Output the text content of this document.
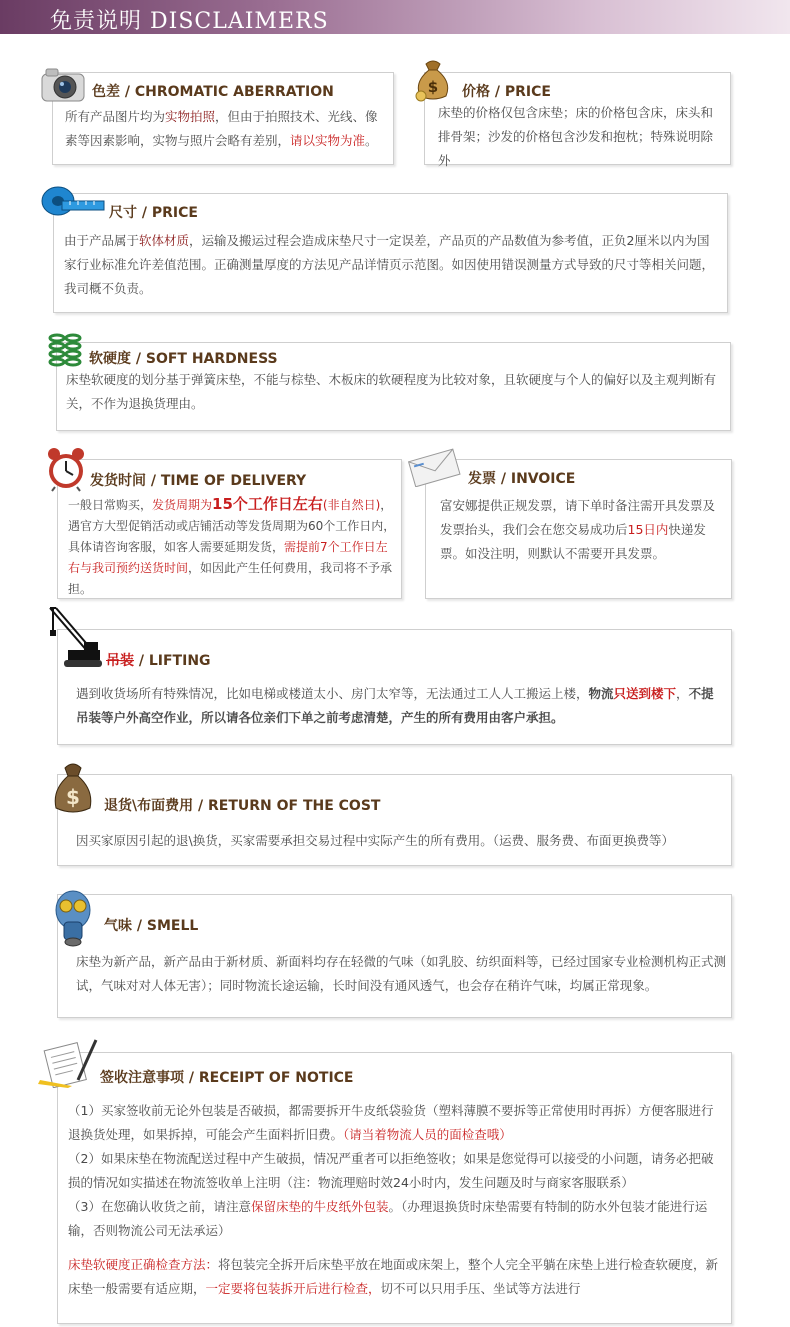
免责说明 DISCLAIMERS
色差 / CHROMATIC ABERRATION
所有产品图片均为实物拍照，但由于拍照技术、光线、像素等因素影响，实物与照片会略有差别，请以实物为准。
$ 价格 / PRICE
床垫的价格仅包含床垫；床的价格包含床，床头和排骨架；沙发的价格包含沙发和抱枕；特殊说明除外
尺寸 / PRICE
由于产品属于软体材质，运输及搬运过程会造成床垫尺寸一定误差，产品页的产品数值为参考值，正负2厘米以内为国家行业标准允许差值范围。正确测量厚度的方法见产品详情页示范图。如因使用错误测量方式导致的尺寸等相关问题，我司概不负责。
软硬度 / SOFT HARDNESS
床垫软硬度的划分基于弹簧床垫，不能与棕垫、木板床的软硬程度为比较对象，且软硬度与个人的偏好以及主观判断有关，不作为退换货理由。
发货时间 / TIME OF DELIVERY
一般日常购买，发货周期为15个工作日左右(非自然日)，遇官方大型促销活动或店铺活动等发货周期为60个工作日内，具体请咨询客服，如客人需要延期发货，需提前7个工作日左右与我司预约送货时间，如因此产生任何费用，我司将不予承担。
发票 / INVOICE
富安娜提供正规发票，请下单时备注需开具发票及发票抬头，我们会在您交易成功后15日内快递发票。如没注明，则默认不需要开具发票。
吊装 / LIFTING
遇到收货场所有特殊情况，比如电梯或楼道太小、房门太窄等，无法通过工人人工搬运上楼，物流只送到楼下，不提吊装等户外高空作业，所以请各位亲们下单之前考虑清楚，产生的所有费用由客户承担。
$ 退货\布面费用 / RETURN OF THE COST
因买家原因引起的退\换货，买家需要承担交易过程中实际产生的所有费用。（运费、服务费、布面更换费等）
气味 / SMELL
床垫为新产品，新产品由于新材质、新面料均存在轻微的气味（如乳胶、纺织面料等，已经过国家专业检测机构正式测试，气味对对人体无害）；同时物流长途运输，长时间没有通风透气，也会存在稍许气味，均属正常现象。
签收注意事项 / RECEIPT OF NOTICE

（1）买家签收前无论外包装是否破损，都需要拆开牛皮纸袋验货（塑料薄膜不要拆等正常使用时再拆）方便客服进行退换货处理，如果拆掉，可能会产生面料折旧费。（请当着物流人员的面检查哦）

（2）如果床垫在物流配送过程中产生破损，情况严重者可以拒绝签收；如果是您觉得可以接受的小问题，请务必把破损的情况如实描述在物流签收单上注明（注：物流理赔时效24小时内，发生问题及时与商家客服联系）

（3）在您确认收货之前，请注意保留床垫的牛皮纸外包装。（办理退换货时床垫需要有特制的防水外包装才能进行运输，否则物流公司无法承运）

床垫软硬度正确检查方法：将包装完全拆开后床垫平放在地面或床架上，整个人完全平躺在床垫上进行检查软硬度，新床垫一般需要有适应期，一定要将包装拆开后进行检查，切不可以只用手压、坐试等方法进行
